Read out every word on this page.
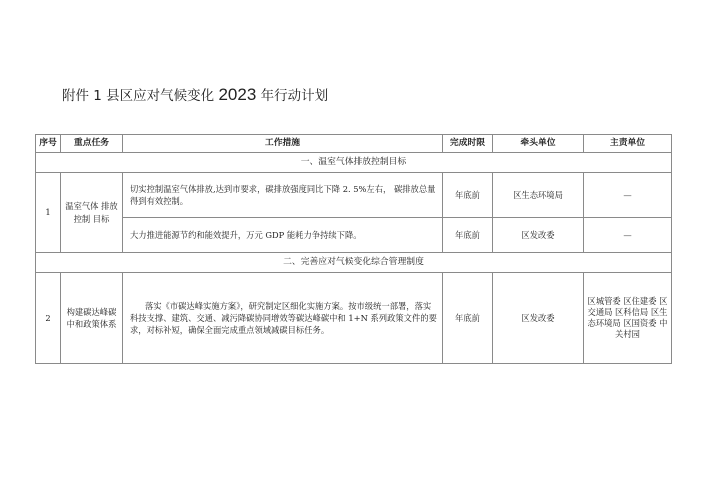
附件 1 县区应对气候变化 2023 年行动计划
序号	重点任务	工作措施	完成时限	牵头单位	主责单位
一、温室气体排放控制目标					
1	温室气体 排放控制 目标	切实控制温室气体排放,达到市要求，碳排放强度同比下降 2. 5%左右， 碳排放总量得到有效控制。	年底前	区生态环境局	—
		大力推进能源节约和能效提升，万元 GDP 能耗力争持续下降。	年底前	区发改委	—
二、完善应对气候变化综合管理制度					
2	构建碳达峰碳中和政策体系	落实《市碳达峰实施方案》，研究制定区细化实施方案。按市级统一部署，落实科技支撑、建筑、交通、减污降碳协同增效等碳达峰碳中和 1+N 系列政策文件的要求，对标补短，确保全面完成重点领域减碳目标任务。	年底前	区发改委	区城管委 区住建委 区交通局 区科信局 区生态环境局 区国资委 中关村园
